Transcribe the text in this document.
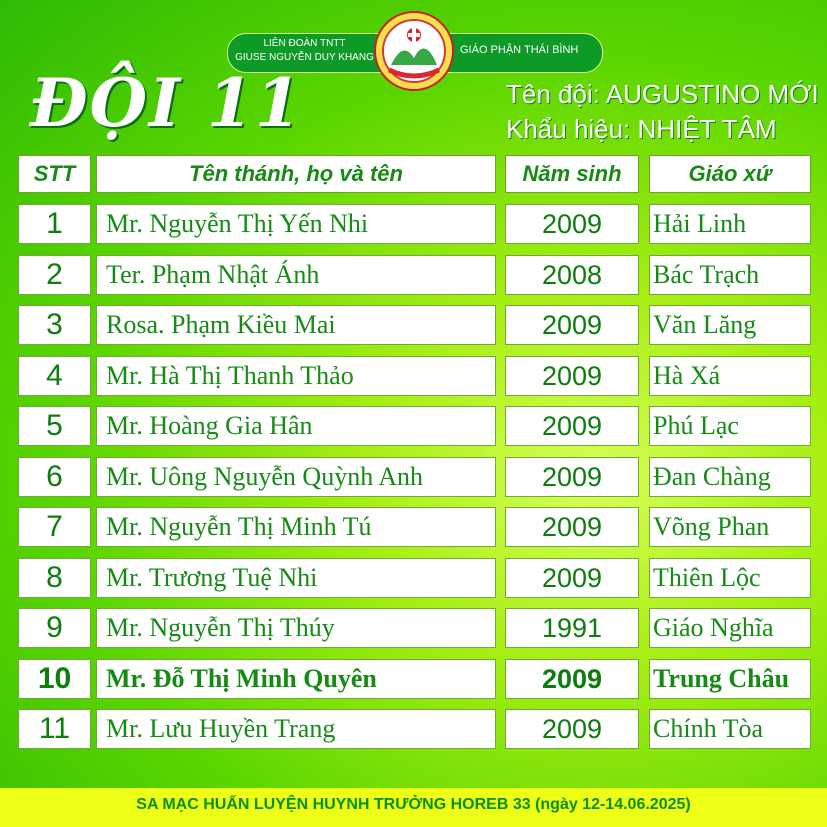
LIÊN ĐOÀN TNTT
GIUSE NGUYỄN DUY KHANG
GIÁO PHẬN THÁI BÌNH
ĐỘI 11	Tên đội: AUGUSTINO MỚI
Khẩu hiệu: NHIỆT TÂM
STT	Tên thánh, họ và tên	Năm sinh	Giáo xứ
1	Mr. Nguyễn Thị Yến Nhi	2009	Hải Linh
2	Ter. Phạm Nhật Ánh	2008	Bác Trạch
3	Rosa. Phạm Kiều Mai	2009	Văn Lăng
4	Mr. Hà Thị Thanh Thảo	2009	Hà Xá
5	Mr. Hoàng Gia Hân	2009	Phú Lạc
6	Mr. Uông Nguyễn Quỳnh Anh	2009	Đan Chàng
7	Mr. Nguyễn Thị Minh Tú	2009	Võng Phan
8	Mr. Trương Tuệ Nhi	2009	Thiên Lộc
9	Mr. Nguyễn Thị Thúy	1991	Giáo Nghĩa
10	Mr. Đỗ Thị Minh Quyên	2009	Trung Châu
11	Mr. Lưu Huyền Trang	2009	Chính Tòa
SA MẠC HUẤN LUYỆN HUYNH TRƯỞNG HOREB 33 (ngày 12-14.06.2025)
